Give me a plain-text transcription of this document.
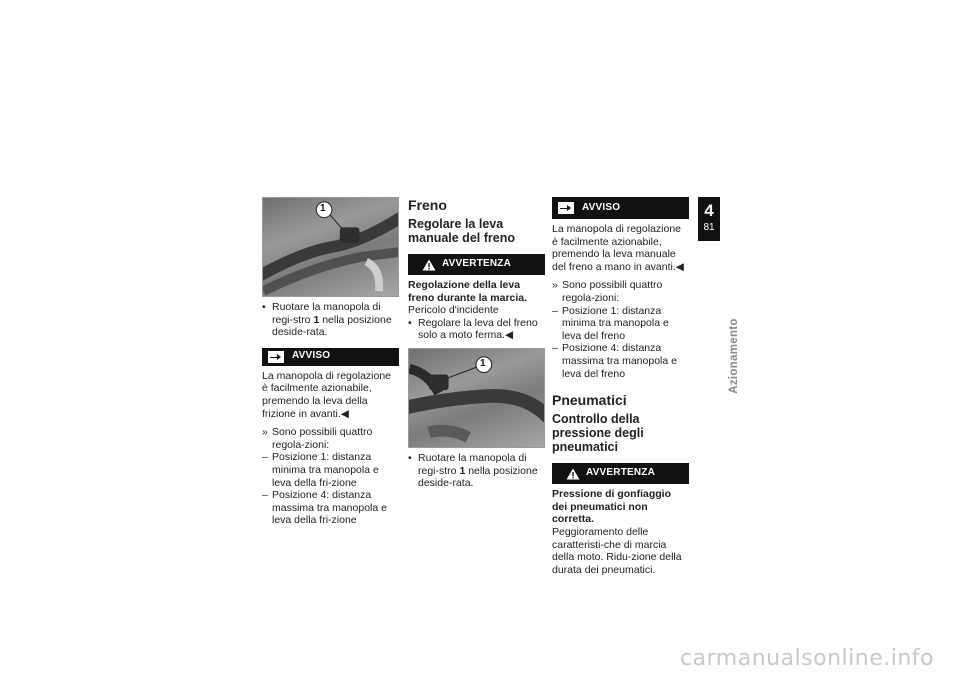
1
• Ruotare la manopola di regi-stro 1 nella posizione deside-rata.
AVVISO
La manopola di regolazione è facilmente azionabile, premendo la leva della frizione in avanti.◀
» Sono possibili quattro regola-zioni:
– Posizione 1: distanza minima tra manopola e leva della fri-zione
– Posizione 4: distanza massima tra manopola e leva della fri-zione
Freno
Regolare la leva manuale del freno
AVVERTENZA
Regolazione della leva freno durante la marcia.
Pericolo d'incidente
• Regolare la leva del freno solo a moto ferma.◀
1
• Ruotare la manopola di regi-stro 1 nella posizione deside-rata.
AVVISO
La manopola di regolazione è facilmente azionabile, premendo la leva manuale del freno a mano in avanti.◀
» Sono possibili quattro regola-zioni:
– Posizione 1: distanza minima tra manopola e leva del freno
– Posizione 4: distanza massima tra manopola e leva del freno
Pneumatici
Controllo della pressione degli pneumatici
AVVERTENZA
Pressione di gonfiaggio dei pneumatici non corretta.
Peggioramento delle caratteristi-che di marcia della moto. Ridu-zione della durata dei pneumatici.
4
81
Azionamento
carmanualsonline.info
